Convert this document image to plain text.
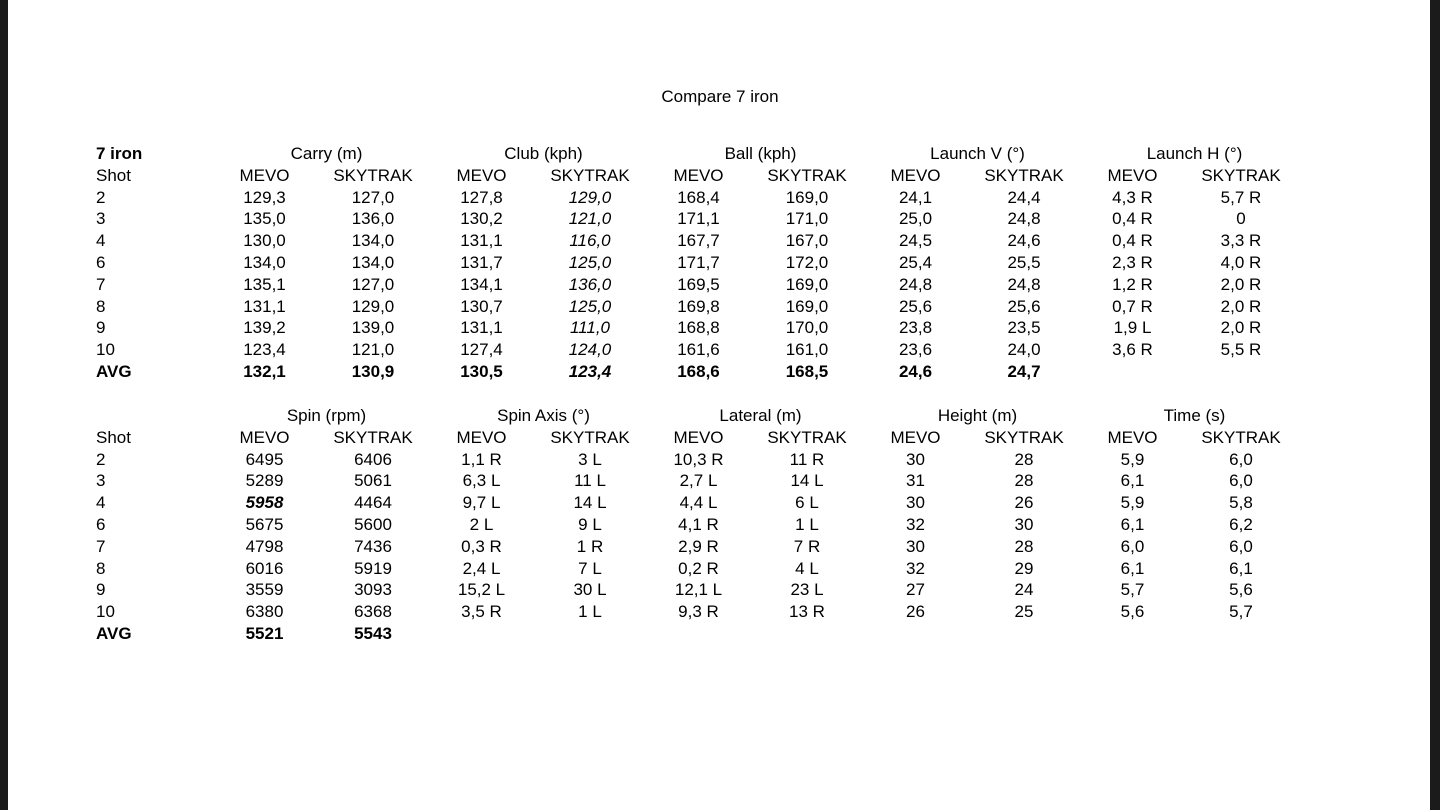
Compare 7 iron
7 iron	Carry (m)		Club (kph)		Ball (kph)		Launch V (°)		Launch H (°)	
Shot	MEVO	SKYTRAK	MEVO	SKYTRAK	MEVO	SKYTRAK	MEVO	SKYTRAK	MEVO	SKYTRAK
2	129,3	127,0	127,8	129,0	168,4	169,0	24,1	24,4	4,3 R	5,7 R
3	135,0	136,0	130,2	121,0	171,1	171,0	25,0	24,8	0,4 R	0
4	130,0	134,0	131,1	116,0	167,7	167,0	24,5	24,6	0,4 R	3,3 R
6	134,0	134,0	131,7	125,0	171,7	172,0	25,4	25,5	2,3 R	4,0 R
7	135,1	127,0	134,1	136,0	169,5	169,0	24,8	24,8	1,2 R	2,0 R
8	131,1	129,0	130,7	125,0	169,8	169,0	25,6	25,6	0,7 R	2,0 R
9	139,2	139,0	131,1	111,0	168,8	170,0	23,8	23,5	1,9 L	2,0 R
10	123,4	121,0	127,4	124,0	161,6	161,0	23,6	24,0	3,6 R	5,5 R
AVG	132,1	130,9	130,5	123,4	168,6	168,5	24,6	24,7		
	Spin (rpm)		Spin Axis (°)		Lateral (m)		Height (m)		Time (s)	
Shot	MEVO	SKYTRAK	MEVO	SKYTRAK	MEVO	SKYTRAK	MEVO	SKYTRAK	MEVO	SKYTRAK
2	6495	6406	1,1 R	3 L	10,3 R	11 R	30	28	5,9	6,0
3	5289	5061	6,3 L	11 L	2,7 L	14 L	31	28	6,1	6,0
4	5958	4464	9,7 L	14 L	4,4 L	6 L	30	26	5,9	5,8
6	5675	5600	2 L	9 L	4,1 R	1 L	32	30	6,1	6,2
7	4798	7436	0,3 R	1 R	2,9 R	7 R	30	28	6,0	6,0
8	6016	5919	2,4 L	7 L	0,2 R	4 L	32	29	6,1	6,1
9	3559	3093	15,2 L	30 L	12,1 L	23 L	27	24	5,7	5,6
10	6380	6368	3,5 R	1 L	9,3 R	13 R	26	25	5,6	5,7
AVG	5521	5543								
